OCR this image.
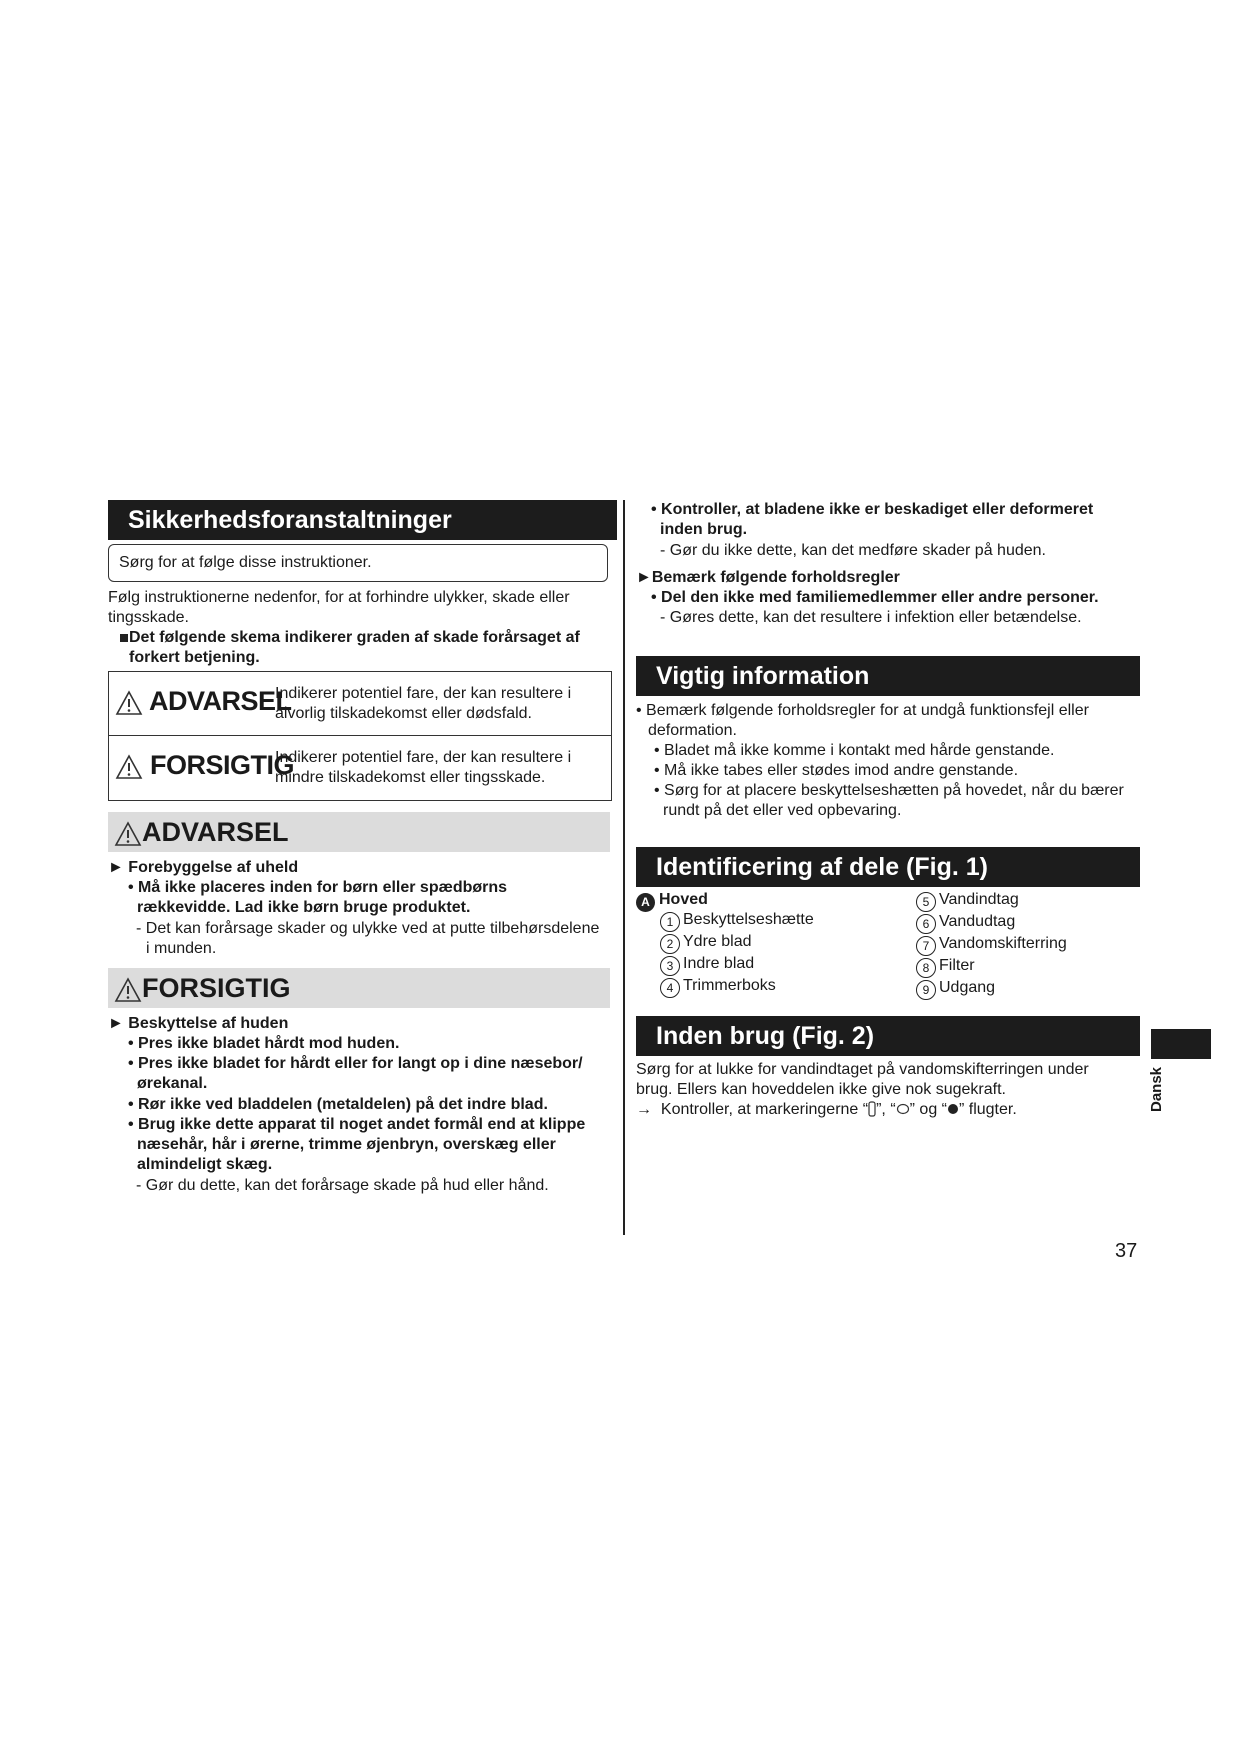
Sikkerhedsforanstaltninger
Sørg for at følge disse instruktioner.
Følg instruktionerne nedenfor, for at forhindre ulykker, skade eller
tingsskade.
Det følgende skema indikerer graden af skade forårsaget af
forkert betjening.
ADVARSEL
Indikerer potentiel fare, der kan resultere i
alvorlig tilskadekomst eller dødsfald.
FORSIGTIG
Indikerer potentiel fare, der kan resultere i
mindre tilskadekomst eller tingsskade.
ADVARSEL
► Forebyggelse af uheld
• Må ikke placeres inden for børn eller spædbørns
rækkevidde. Lad ikke børn bruge produktet.
- Det kan forårsage skader og ulykke ved at putte tilbehørsdelene
i munden.
FORSIGTIG
► Beskyttelse af huden
• Pres ikke bladet hårdt mod huden.
• Pres ikke bladet for hårdt eller for langt op i dine næsebor/
ørekanal.
• Rør ikke ved bladdelen (metaldelen) på det indre blad.
• Brug ikke dette apparat til noget andet formål end at klippe
næsehår, hår i ørerne, trimme øjenbryn, overskæg eller
almindeligt skæg.
- Gør du dette, kan det forårsage skade på hud eller hånd.
• Kontroller, at bladene ikke er beskadiget eller deformeret
inden brug.
- Gør du ikke dette, kan det medføre skader på huden.
►Bemærk følgende forholdsregler
• Del den ikke med familiemedlemmer eller andre personer.
- Gøres dette, kan det resultere i infektion eller betændelse.
Vigtig information
• Bemærk følgende forholdsregler for at undgå funktionsfejl eller
deformation.
• Bladet må ikke komme i kontakt med hårde genstande.
• Må ikke tabes eller stødes imod andre genstande.
• Sørg for at placere beskyttelseshætten på hovedet, når du bærer
rundt på det eller ved opbevaring.
Identificering af dele (Fig. 1)
A Hoved
1 Beskyttelseshætte
2 Ydre blad
3 Indre blad
4 Trimmerboks
5 Vandindtag
6 Vandudtag
7 Vandomskifterring
8 Filter
9 Udgang
Inden brug (Fig. 2)
Sørg for at lukke for vandindtaget på vandomskifterringen under
brug. Ellers kan hoveddelen ikke give nok sugekraft.
→ Kontroller, at markeringerne “ ”, “ ” og “ ” flugter.	Dansk
37
